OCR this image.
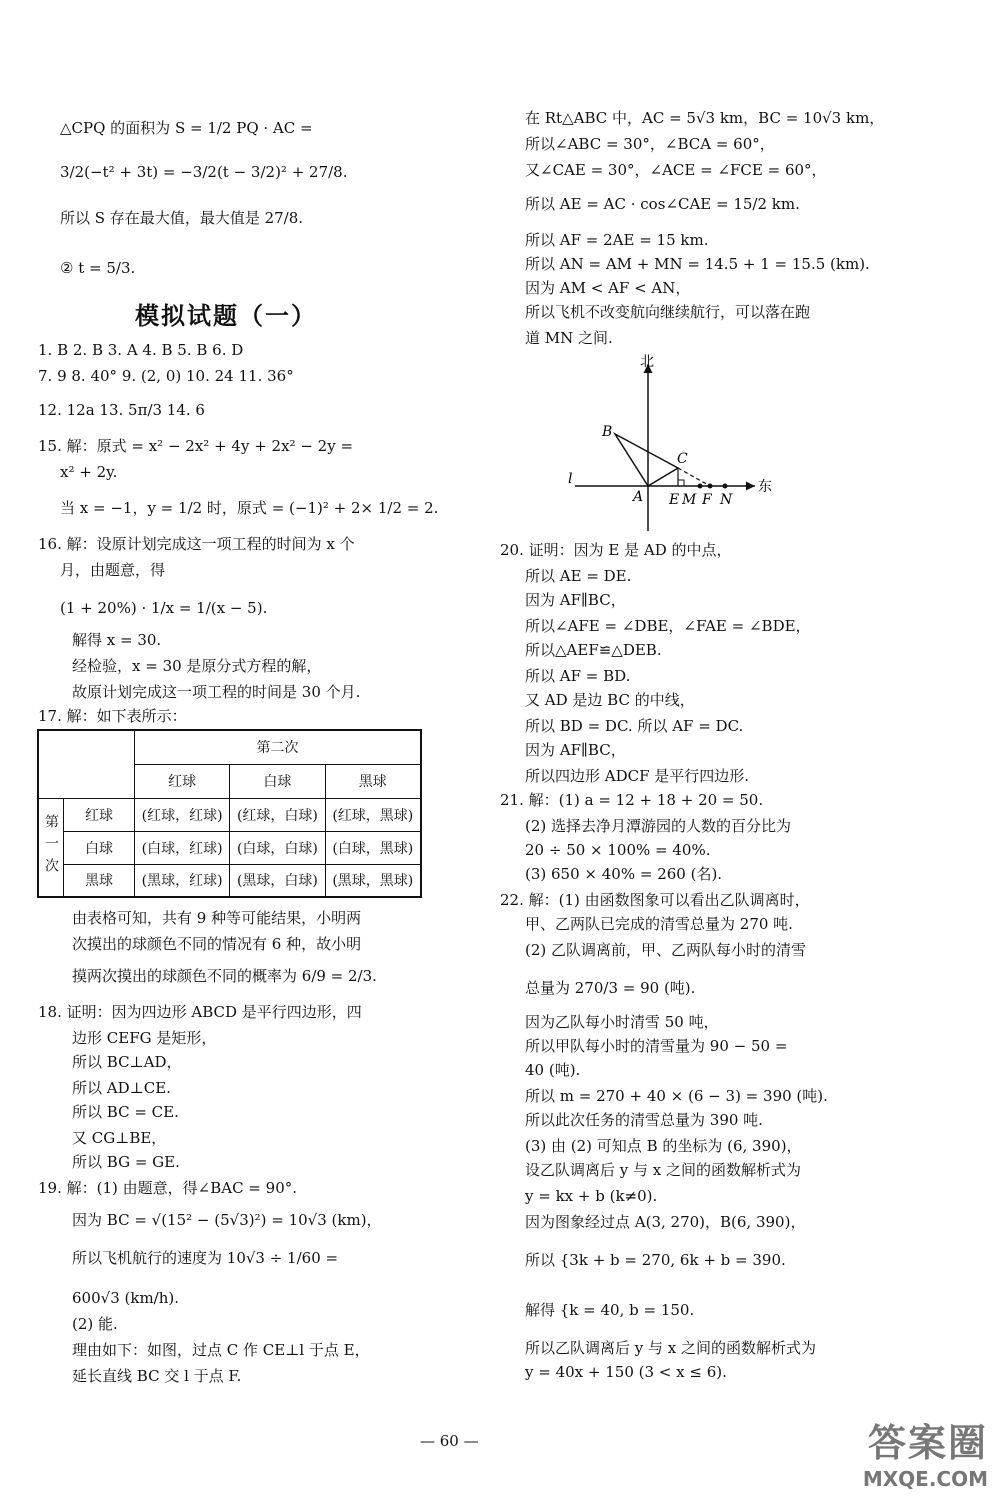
△CPQ 的面积为 S = 1/2 PQ · AC =
3/2(−t² + 3t) = −3/2(t − 3/2)² + 27/8.
所以 S 存在最大值，最大值是 27/8.
② t = 5/3.
模拟试题（一）
1. B 2. B 3. A 4. B 5. B 6. D
7. 9 8. 40° 9. (2, 0) 10. 24 11. 36°
12. 12a 13. 5π/3 14. 6
15. 解：原式 = x² − 2x² + 4y + 2x² − 2y =
x² + 2y.
当 x = −1，y = 1/2 时，原式 = (−1)² + 2× 1/2 = 2.
16. 解：设原计划完成这一项工程的时间为 x 个
月，由题意，得
(1 + 20%) · 1/x = 1/(x − 5).
解得 x = 30.
经检验，x = 30 是原分式方程的解，
故原计划完成这一项工程的时间是 30 个月.
17. 解：如下表所示：
		第二次		
		红球	白球	黑球
第一次	红球	(红球，红球)	(红球，白球)	(红球，黑球)
	白球	(白球，红球)	(白球，白球)	(白球，黑球)
	黑球	(黑球，红球)	(黑球，白球)	(黑球，黑球)
由表格可知，共有 9 种等可能结果，小明两
次摸出的球颜色不同的情况有 6 种，故小明
摸两次摸出的球颜色不同的概率为 6/9 = 2/3.
18. 证明：因为四边形 ABCD 是平行四边形，四
边形 CEFG 是矩形，
所以 BC⊥AD，
所以 AD⊥CE.
所以 BC = CE.
又 CG⊥BE，
所以 BG = GE.
19. 解：(1) 由题意，得∠BAC = 90°.
因为 BC = √(15² − (5√3)²) = 10√3 (km)，
所以飞机航行的速度为 10√3 ÷ 1/60 =
600√3 (km/h).
(2) 能.
理由如下：如图，过点 C 作 CE⊥l 于点 E，
延长直线 BC 交 l 于点 F.
在 Rt△ABC 中，AC = 5√3 km，BC = 10√3 km，
所以∠ABC = 30°，∠BCA = 60°，
又∠CAE = 30°，∠ACE = ∠FCE = 60°，
所以 AE = AC · cos∠CAE = 15/2 km.
所以 AF = 2AE = 15 km.
所以 AN = AM + MN = 14.5 + 1 = 15.5 (km).
因为 AM < AF < AN，
所以飞机不改变航向继续航行，可以落在跑
道 MN 之间.
北
东
l
B
C
A E M F N
20. 证明：因为 E 是 AD 的中点，
所以 AE = DE.
因为 AF∥BC，
所以∠AFE = ∠DBE，∠FAE = ∠BDE，
所以△AEF≌△DEB.
所以 AF = BD.
又 AD 是边 BC 的中线，
所以 BD = DC. 所以 AF = DC.
因为 AF∥BC，
所以四边形 ADCF 是平行四边形.
21. 解：(1) a = 12 + 18 + 20 = 50.
(2) 选择去净月潭游园的人数的百分比为
20 ÷ 50 × 100% = 40%.
(3) 650 × 40% = 260 (名).
22. 解：(1) 由函数图象可以看出乙队调离时，
甲、乙两队已完成的清雪总量为 270 吨.
(2) 乙队调离前，甲、乙两队每小时的清雪
总量为 270/3 = 90 (吨).
因为乙队每小时清雪 50 吨，
所以甲队每小时的清雪量为 90 − 50 =
40 (吨).
所以 m = 270 + 40 × (6 − 3) = 390 (吨).
所以此次任务的清雪总量为 390 吨.
(3) 由 (2) 可知点 B 的坐标为 (6, 390)，
设乙队调离后 y 与 x 之间的函数解析式为
y = kx + b (k≠0).
因为图象经过点 A(3, 270)，B(6, 390)，
所以 {3k + b = 270, 6k + b = 390.
解得 {k = 40, b = 150.
所以乙队调离后 y 与 x 之间的函数解析式为
y = 40x + 150 (3 < x ≤ 6).
— 60 —	答案圈
MXQE.COM
